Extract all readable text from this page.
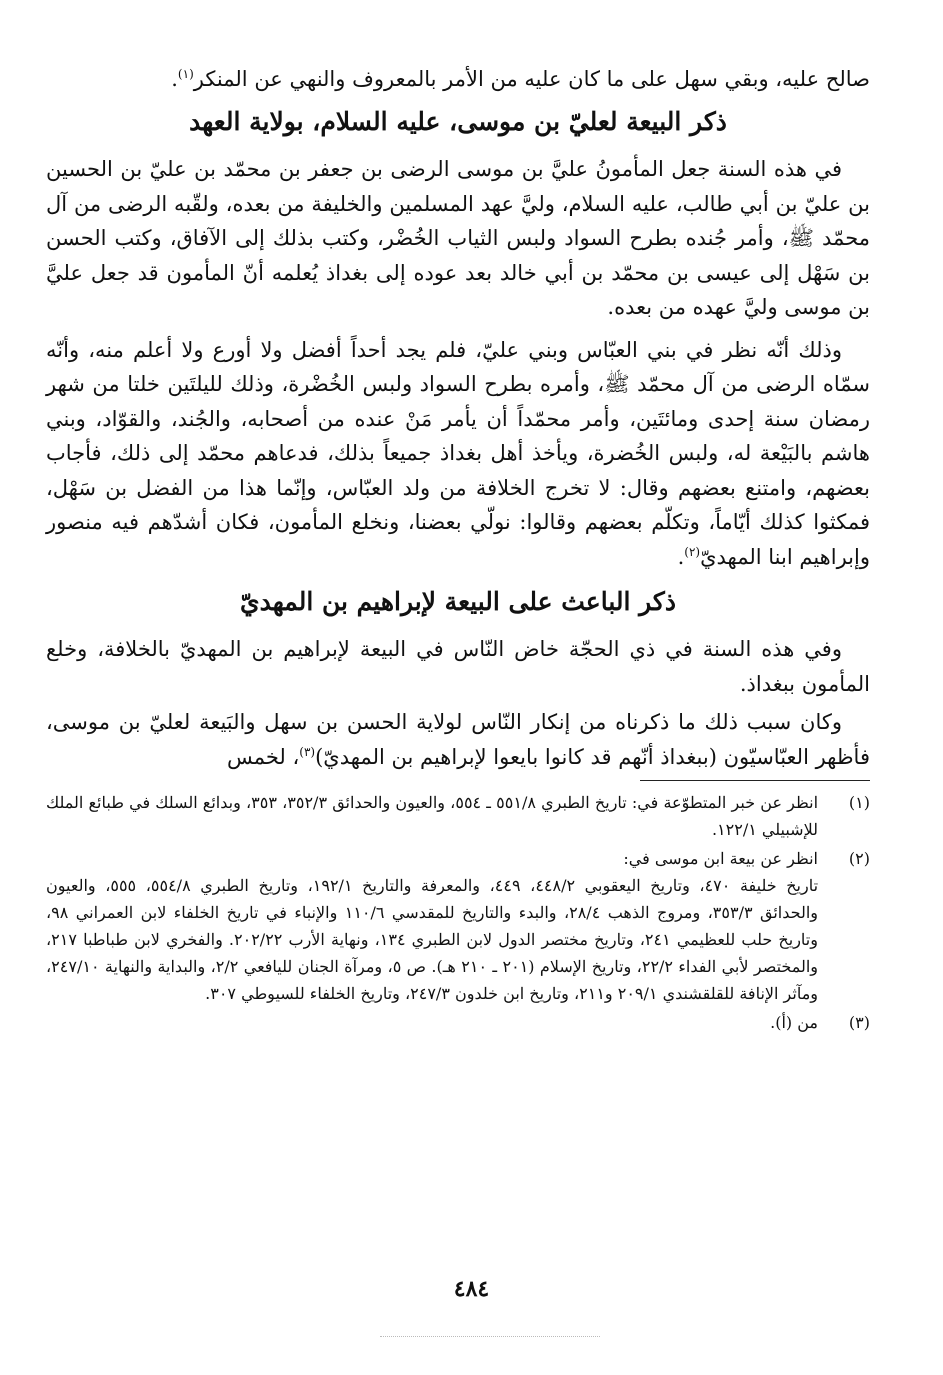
صالح عليه، وبقي سهل على ما كان عليه من الأمر بالمعروف والنهي عن المنكر$^{(١)}$.
ذكر البيعة لعليّ بن موسى، عليه السلام، بولاية العهد

في هذه السنة جعل المأمونُ عليَّ بن موسى الرضى بن جعفر بن محمّد بن عليّ بن الحسين بن عليّ بن أبي طالب، عليه السلام، وليَّ عهد المسلمين والخليفة من بعده، ولقّبه الرضى من آل محمّد ﷺ، وأمر جُنده بطرح السواد ولبس الثياب الخُضْر، وكتب بذلك إلى الآفاق، وكتب الحسن بن سَهْل إلى عيسى بن محمّد بن أبي خالد بعد عوده إلى بغداذ يُعلمه أنّ المأمون قد جعل عليَّ بن موسى وليَّ عهده من بعده.

وذلك أنّه نظر في بني العبّاس وبني عليّ، فلم يجد أحداً أفضل ولا أورع ولا أعلم منه، وأنّه سمّاه الرضى من آل محمّد ﷺ، وأمره بطرح السواد ولبس الخُضْرة، وذلك لليلتَين خلتا من شهر رمضان سنة إحدى ومائتَين، وأمر محمّداً أن يأمر مَنْ عنده من أصحابه، والجُند، والقوّاد، وبني هاشم بالبَيْعة له، ولبس الخُضرة، ويأخذ أهل بغداذ جميعاً بذلك، فدعاهم محمّد إلى ذلك، فأجاب بعضهم، وامتنع بعضهم وقال: لا تخرج الخلافة من ولد العبّاس، وإنّما هذا من الفضل بن سَهْل، فمكثوا كذلك أيّاماً، وتكلّم بعضهم وقالوا: نولّي بعضنا، ونخلع المأمون، فكان أشدّهم فيه منصور وإبراهيم ابنا المهديّ$^{(٢)}$.

ذكر الباعث على البيعة لإبراهيم بن المهديّ

وفي هذه السنة في ذي الحجّة خاض النّاس في البيعة لإبراهيم بن المهديّ بالخلافة، وخلع المأمون ببغداذ.

وكان سبب ذلك ما ذكرناه من إنكار النّاس لولاية الحسن بن سهل والبَيعة لعليّ بن موسى، فأظهر العبّاسيّون (ببغداذ أنّهم قد كانوا بايعوا لإبراهيم بن المهديّ)$^{(٣)}$، لخمس

(١)
انظر عن خبر المتطوّعة في: تاريخ الطبري ٥٥١/٨ ـ ٥٥٤، والعيون والحدائق ٣٥٢/٣، ٣٥٣، وبدائع السلك في طبائع الملك للإشبيلي ١٢٢/١.
(٢)
انظر عن بيعة ابن موسى في:
تاريخ خليفة ٤٧٠، وتاريخ اليعقوبي ٤٤٨/٢، ٤٤٩، والمعرفة والتاريخ ١٩٢/١، وتاريخ الطبري ٥٥٤/٨، ٥٥٥، والعيون والحدائق ٣٥٣/٣، ومروج الذهب ٢٨/٤، والبدء والتاريخ للمقدسي ١١٠/٦ والإنباء في تاريخ الخلفاء لابن العمراني ٩٨، وتاريخ حلب للعظيمي ٢٤١، وتاريخ مختصر الدول لابن الطبري ١٣٤، ونهاية الأرب ٢٠٢/٢٢. والفخري لابن طباطبا ٢١٧، والمختصر لأبي الفداء ٢٢/٢، وتاريخ الإسلام (٢٠١ ـ ٢١٠ هـ). ص ٥، ومرآة الجنان لليافعي ٢/٢، والبداية والنهاية ٢٤٧/١٠، ومآثر الإنافة للقلقشندي ٢٠٩/١ و٢١١، وتاريخ ابن خلدون ٢٤٧/٣، وتاريخ الخلفاء للسيوطي ٣٠٧.
(٣)
من (أ).
٤٨٤
